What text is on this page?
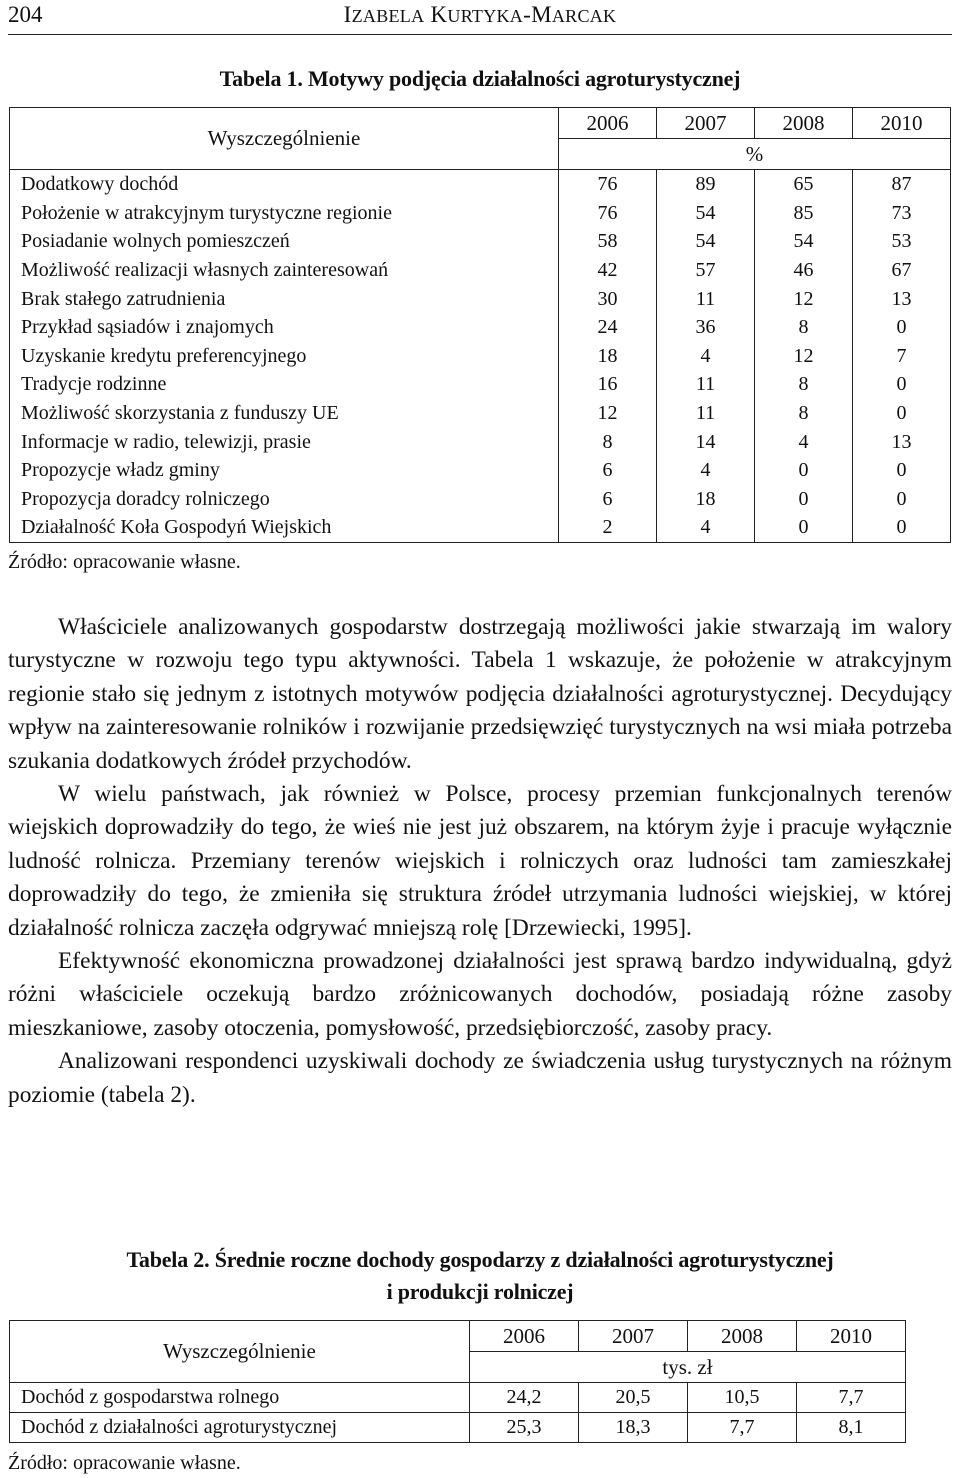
204	IZABELA KURTYKA-MARCAK
Tabela 1. Motywy podjęcia działalności agroturystycznej
Wyszczególnienie	2006	2007	2008	2010
	%			
Dodatkowy dochód	76	89	65	87
Położenie w atrakcyjnym turystyczne regionie	76	54	85	73
Posiadanie wolnych pomieszczeń	58	54	54	53
Możliwość realizacji własnych zainteresowań	42	57	46	67
Brak stałego zatrudnienia	30	11	12	13
Przykład sąsiadów i znajomych	24	36	8	0
Uzyskanie kredytu preferencyjnego	18	4	12	7
Tradycje rodzinne	16	11	8	0
Możliwość skorzystania z funduszy UE	12	11	8	0
Informacje w radio, telewizji, prasie	8	14	4	13
Propozycje władz gminy	6	4	0	0
Propozycja doradcy rolniczego	6	18	0	0
Działalność Koła Gospodyń Wiejskich	2	4	0	0
Źródło: opracowanie własne.

Właściciele analizowanych gospodarstw dostrzegają możliwości jakie stwarzają im walory turystyczne w rozwoju tego typu aktywności. Tabela 1 wskazuje, że położenie w atrakcyjnym regionie stało się jednym z istotnych motywów podjęcia działalności agroturystycznej. Decydujący wpływ na zainteresowanie rolników i rozwijanie przedsięwzięć turystycznych na wsi miała potrzeba szukania dodatkowych źródeł przychodów.

W wielu państwach, jak również w Polsce, procesy przemian funkcjonalnych terenów wiejskich doprowadziły do tego, że wieś nie jest już obszarem, na którym żyje i pracuje wyłącznie ludność rolnicza. Przemiany terenów wiejskich i rolniczych oraz ludności tam zamieszkałej doprowadziły do tego, że zmieniła się struktura źródeł utrzymania ludności wiejskiej, w której działalność rolnicza zaczęła odgrywać mniejszą rolę [Drzewiecki, 1995].

Efektywność ekonomiczna prowadzonej działalności jest sprawą bardzo indywidualną, gdyż różni właściciele oczekują bardzo zróżnicowanych dochodów, posiadają różne zasoby mieszkaniowe, zasoby otoczenia, pomysłowość, przedsiębiorczość, zasoby pracy.

Analizowani respondenci uzyskiwali dochody ze świadczenia usług turystycznych na różnym poziomie (tabela 2).

Tabela 2. Średnie roczne dochody gospodarzy z działalności agroturystycznej
i produkcji rolniczej
Wyszczególnienie	2006	2007	2008	2010
	tys. zł			
Dochód z gospodarstwa rolnego	24,2	20,5	10,5	7,7
Dochód z działalności agroturystycznej	25,3	18,3	7,7	8,1
Źródło: opracowanie własne.
